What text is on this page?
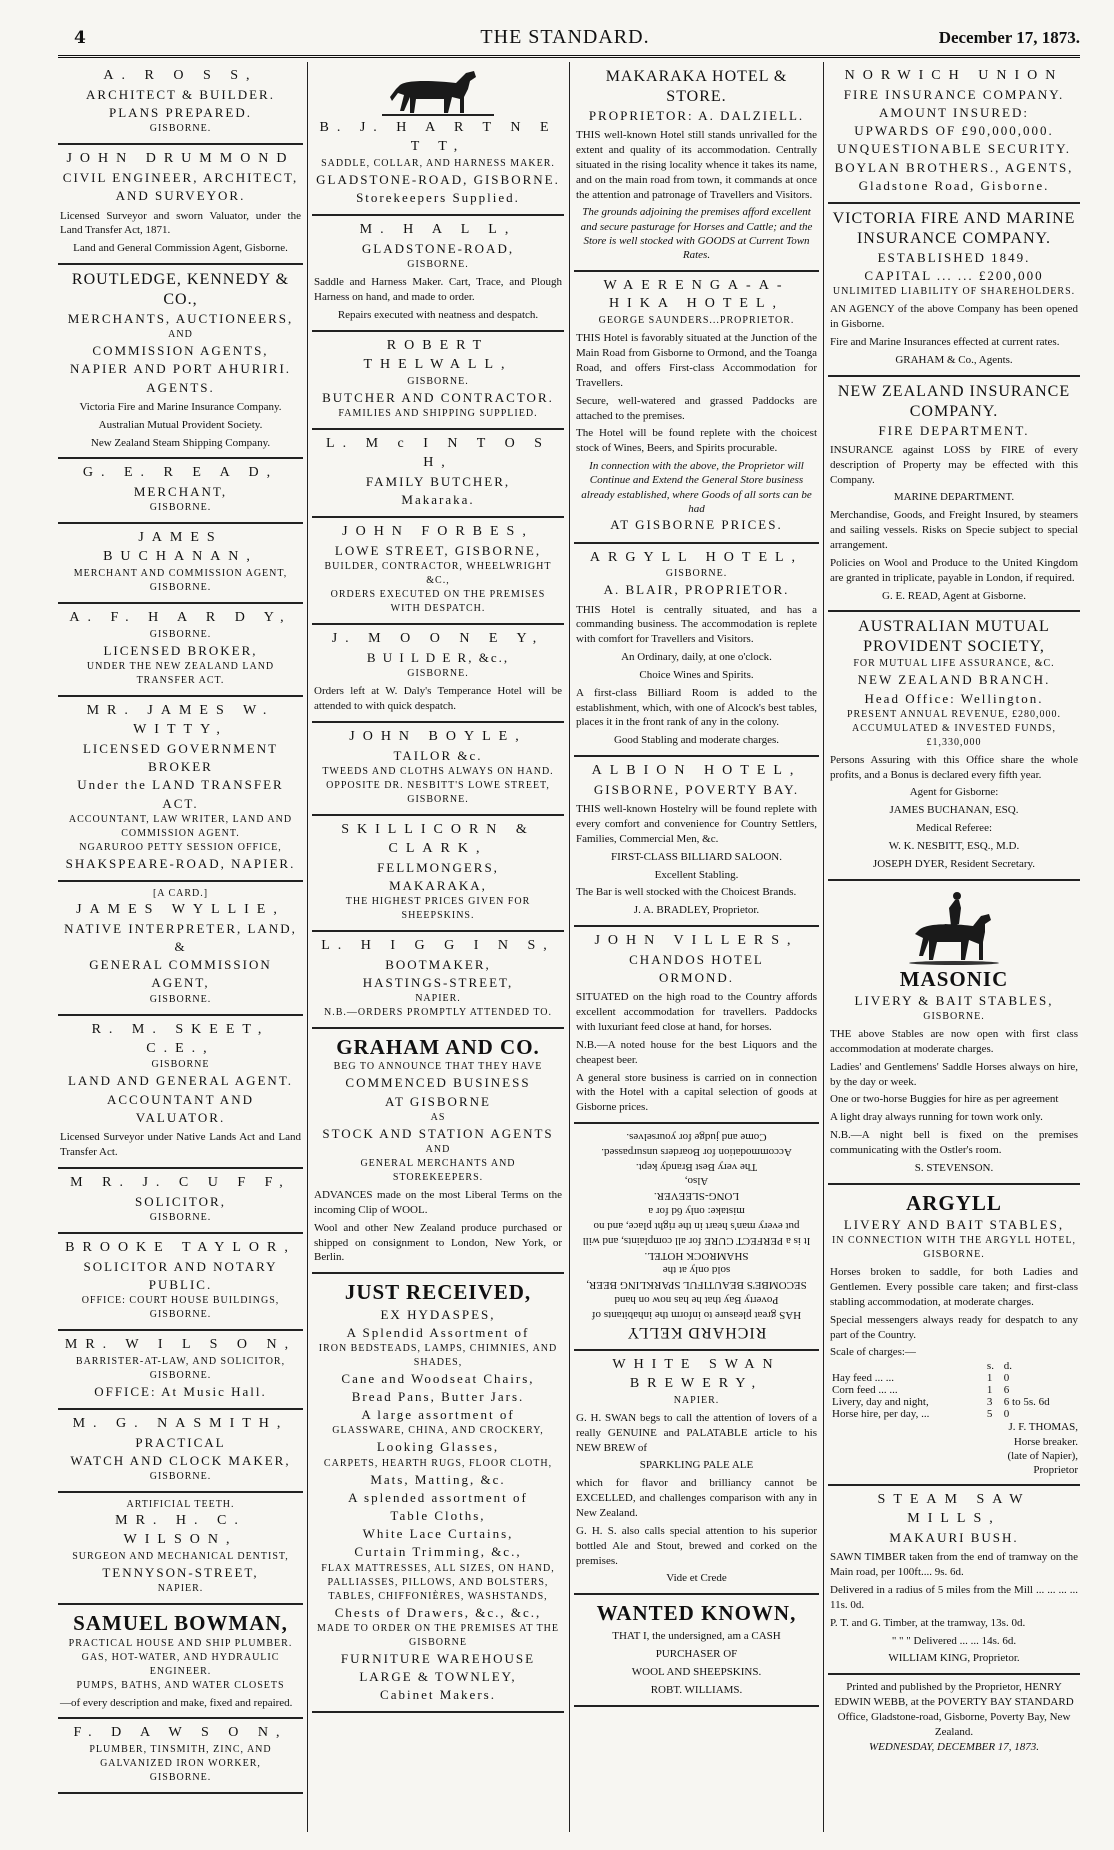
4	THE STANDARD.	December 17, 1873.
A. R O S S,
ARCHITECT & BUILDER.
PLANS PREPARED.
GISBORNE.
JOHN DRUMMOND
CIVIL ENGINEER, ARCHITECT,
AND SURVEYOR.
Licensed Surveyor and sworn Valuator, under the Land Transfer Act, 1871.
Land and General Commission Agent, Gisborne.
ROUTLEDGE, KENNEDY & CO.,
MERCHANTS, AUCTIONEERS,
AND
COMMISSION AGENTS,
NAPIER AND PORT AHURIRI.
AGENTS.
Victoria Fire and Marine Insurance Company.
Australian Mutual Provident Society.
New Zealand Steam Shipping Company.
G. E. R E A D,
MERCHANT,
GISBORNE.
JAMES BUCHANAN,
MERCHANT AND COMMISSION AGENT,
GISBORNE.
A. F. H A R D Y,
GISBORNE.
LICENSED BROKER,
UNDER THE NEW ZEALAND LAND TRANSFER ACT.
MR. JAMES W. WITTY,
LICENSED GOVERNMENT BROKER
Under the LAND TRANSFER ACT.
ACCOUNTANT, LAW WRITER, LAND AND COMMISSION AGENT.
NGARUROO PETTY SESSION OFFICE,
SHAKSPEARE-ROAD, NAPIER.
[A CARD.]
JAMES WYLLIE,
NATIVE INTERPRETER, LAND, &
GENERAL COMMISSION AGENT,
GISBORNE.
R. M. SKEET, C.E.,
GISBORNE
LAND AND GENERAL AGENT.
ACCOUNTANT AND VALUATOR.
Licensed Surveyor under Native Lands Act and Land Transfer Act.
M R. J. C U F F,
SOLICITOR,
GISBORNE.
BROOKE TAYLOR,
SOLICITOR AND NOTARY PUBLIC.
OFFICE: COURT HOUSE BUILDINGS, GISBORNE.
MR. W I L S O N,
BARRISTER-AT-LAW, AND SOLICITOR,
GISBORNE.
OFFICE: At Music Hall.
M. G. NASMITH,
PRACTICAL
WATCH AND CLOCK MAKER,
GISBORNE.
ARTIFICIAL TEETH.
MR. H. C. WILSON,
SURGEON AND MECHANICAL DENTIST,
TENNYSON-STREET,
NAPIER.
SAMUEL BOWMAN,
PRACTICAL HOUSE AND SHIP PLUMBER.
GAS, HOT-WATER, AND HYDRAULIC ENGINEER.
PUMPS, BATHS, AND WATER CLOSETS
—of every description and make, fixed and repaired.
F. D A W S O N,
PLUMBER, TINSMITH, ZINC, AND GALVANIZED IRON WORKER,
GISBORNE.
B. J. H A R T N E T T,
SADDLE, COLLAR, AND HARNESS MAKER.
GLADSTONE-ROAD, GISBORNE.
Storekeepers Supplied.
M. H A L L,
GLADSTONE-ROAD,
GISBORNE.
Saddle and Harness Maker. Cart, Trace, and Plough Harness on hand, and made to order.
Repairs executed with neatness and despatch.
ROBERT THELWALL,
GISBORNE.
BUTCHER AND CONTRACTOR.
FAMILIES AND SHIPPING SUPPLIED.
L. M c I N T O S H,
FAMILY BUTCHER,
Makaraka.
JOHN FORBES,
LOWE STREET, GISBORNE,
BUILDER, CONTRACTOR, WHEELWRIGHT &C.,
ORDERS EXECUTED ON THE PREMISES WITH DESPATCH.
J. M O O N E Y,
B U I L D E R, &c.,
GISBORNE.
Orders left at W. Daly's Temperance Hotel will be attended to with quick despatch.
JOHN BOYLE,
TAILOR &c.
TWEEDS AND CLOTHS ALWAYS ON HAND.
OPPOSITE DR. NESBITT'S LOWE STREET, GISBORNE.
SKILLICORN & CLARK,
FELLMONGERS,
MAKARAKA,
THE HIGHEST PRICES GIVEN FOR SHEEPSKINS.
L. H I G G I N S,
BOOTMAKER,
HASTINGS-STREET,
NAPIER.
N.B.—ORDERS PROMPTLY ATTENDED TO.
GRAHAM AND CO.
BEG TO ANNOUNCE THAT THEY HAVE
COMMENCED BUSINESS
AT GISBORNE
AS
STOCK AND STATION AGENTS
AND
GENERAL MERCHANTS AND STOREKEEPERS.
ADVANCES made on the most Liberal Terms on the incoming Clip of WOOL.
Wool and other New Zealand produce purchased or shipped on consignment to London, New York, or Berlin.
JUST RECEIVED,
EX HYDASPES,
A Splendid Assortment of
IRON BEDSTEADS, LAMPS, CHIMNIES, AND SHADES,
Cane and Woodseat Chairs,
Bread Pans, Butter Jars.
A large assortment of
GLASSWARE, CHINA, AND CROCKERY,
Looking Glasses,
CARPETS, HEARTH RUGS, FLOOR CLOTH,
Mats, Matting, &c.
A splended assortment of
Table Cloths,
White Lace Curtains,
Curtain Trimming, &c.,
FLAX MATTRESSES, ALL SIZES, ON HAND,
PALLIASSES, PILLOWS, AND BOLSTERS,
TABLES, CHIFFONIÈRES, WASHSTANDS,
Chests of Drawers, &c., &c.,
MADE TO ORDER ON THE PREMISES AT THE
GISBORNE
FURNITURE WAREHOUSE
LARGE & TOWNLEY,
Cabinet Makers.
MAKARAKA HOTEL & STORE.
PROPRIETOR: A. DALZIELL.
THIS well-known Hotel still stands unrivalled for the extent and quality of its accommodation. Centrally situated in the rising locality whence it takes its name, and on the main road from town, it commands at once the attention and patronage of Travellers and Visitors.
The grounds adjoining the premises afford excellent and secure pasturage for Horses and Cattle; and the Store is well stocked with GOODS at Current Town Rates.
WAERENGA-A-HIKA HOTEL,
GEORGE SAUNDERS...PROPRIETOR.
THIS Hotel is favorably situated at the Junction of the Main Road from Gisborne to Ormond, and the Toanga Road, and offers First-class Accommodation for Travellers.
Secure, well-watered and grassed Paddocks are attached to the premises.
The Hotel will be found replete with the choicest stock of Wines, Beers, and Spirits procurable.
In connection with the above, the Proprietor will Continue and Extend the General Store business already established, where Goods of all sorts can be had
AT GISBORNE PRICES.
ARGYLL HOTEL,
GISBORNE.
A. BLAIR, PROPRIETOR.
THIS Hotel is centrally situated, and has a commanding business. The accommodation is replete with comfort for Travellers and Visitors.
An Ordinary, daily, at one o'clock.
Choice Wines and Spirits.
A first-class Billiard Room is added to the establishment, which, with one of Alcock's best tables, places it in the front rank of any in the colony.
Good Stabling and moderate charges.
ALBION HOTEL,
GISBORNE, POVERTY BAY.
THIS well-known Hostelry will be found replete with every comfort and convenience for Country Settlers, Families, Commercial Men, &c.
FIRST-CLASS BILLIARD SALOON.
Excellent Stabling.
The Bar is well stocked with the Choicest Brands.
J. A. BRADLEY, Proprietor.
JOHN VILLERS,
CHANDOS HOTEL
ORMOND.
SITUATED on the high road to the Country affords excellent accommodation for travellers. Paddocks with luxuriant feed close at hand, for horses.
N.B.—A noted house for the best Liquors and the cheapest beer.
A general store business is carried on in connection with the Hotel with a capital selection of goods at Gisborne prices.
RICHARD KELLY
HAS great pleasure to inform the inhabitants of Poverty Bay that he has now on hand
SECOMBE'S BEAUTIFUL SPARKLING BEER,
sold only at the
SHAMROCK HOTEL.
It is a PERFECT CURE for all complaints, and will put every man's heart in the right place, and no mistake: only 6d for a
LONG-SLEEVER.
Also,
The very Best Brandy kept.
Accommodation for Boarders unsurpassed.
Come and judge for yourselves.
WHITE SWAN BREWERY,
NAPIER.
G. H. SWAN begs to call the attention of lovers of a really GENUINE and PALATABLE article to his NEW BREW of
SPARKLING PALE ALE
which for flavor and brilliancy cannot be EXCELLED, and challenges comparison with any in New Zealand.
G. H. S. also calls special attention to his superior bottled Ale and Stout, brewed and corked on the premises.
Vide et Crede
WANTED KNOWN,
THAT I, the undersigned, am a CASH
PURCHASER OF
WOOL AND SHEEPSKINS.
ROBT. WILLIAMS.
NORWICH UNION
FIRE INSURANCE COMPANY.
AMOUNT INSURED:
UPWARDS OF £90,000,000.
UNQUESTIONABLE SECURITY.
BOYLAN BROTHERS., AGENTS,
Gladstone Road, Gisborne.
VICTORIA FIRE AND MARINE INSURANCE COMPANY.
ESTABLISHED 1849.
CAPITAL ... ... £200,000
UNLIMITED LIABILITY OF SHAREHOLDERS.
AN AGENCY of the above Company has been opened in Gisborne.
Fire and Marine Insurances effected at current rates.
GRAHAM & Co., Agents.
NEW ZEALAND INSURANCE COMPANY.
FIRE DEPARTMENT.
INSURANCE against LOSS by FIRE of every description of Property may be effected with this Company.
MARINE DEPARTMENT.
Merchandise, Goods, and Freight Insured, by steamers and sailing vessels. Risks on Specie subject to special arrangement.
Policies on Wool and Produce to the United Kingdom are granted in triplicate, payable in London, if required.
G. E. READ, Agent at Gisborne.
AUSTRALIAN MUTUAL PROVIDENT SOCIETY,
FOR MUTUAL LIFE ASSURANCE, &C.
NEW ZEALAND BRANCH.
Head Office: Wellington.
PRESENT ANNUAL REVENUE, £280,000.
ACCUMULATED & INVESTED FUNDS, £1,330,000
Persons Assuring with this Office share the whole profits, and a Bonus is declared every fifth year.
Agent for Gisborne:
JAMES BUCHANAN, ESQ.
Medical Referee:
W. K. NESBITT, ESQ., M.D.
JOSEPH DYER, Resident Secretary.
MASONIC
LIVERY & BAIT STABLES,
GISBORNE.
THE above Stables are now open with first class accommodation at moderate charges.
Ladies' and Gentlemens' Saddle Horses always on hire, by the day or week.
One or two-horse Buggies for hire as per agreement
A light dray always running for town work only.
N.B.—A night bell is fixed on the premises communicating with the Ostler's room.
S. STEVENSON.
ARGYLL
LIVERY AND BAIT STABLES,
IN CONNECTION WITH THE ARGYLL HOTEL,
GISBORNE.
Horses broken to saddle, for both Ladies and Gentlemen. Every possible care taken; and first-class stabling accommodation, at moderate charges.
Special messengers always ready for despatch to any part of the Country.
Scale of charges:—
	s.	d.
Hay feed ... ...	1	0
Corn feed ... ...	1	6
Livery, day and night,	3	6 to 5s. 6d
Horse hire, per day, ...	5	0
J. F. THOMAS,
Horse breaker.
(late of Napier),
Proprietor
STEAM SAW MILLS,
MAKAURI BUSH.
SAWN TIMBER taken from the end of tramway on the Main road, per 100ft.... 9s. 6d.
Delivered in a radius of 5 miles from the Mill ... ... ... ... 11s. 0d.
P. T. and G. Timber, at the tramway, 13s. 0d.
" " " Delivered ... ... 14s. 6d.
WILLIAM KING, Proprietor.
Printed and published by the Proprietor, HENRY EDWIN WEBB, at the POVERTY BAY STANDARD Office, Gladstone-road, Gisborne, Poverty Bay, New Zealand.
WEDNESDAY, DECEMBER 17, 1873.
